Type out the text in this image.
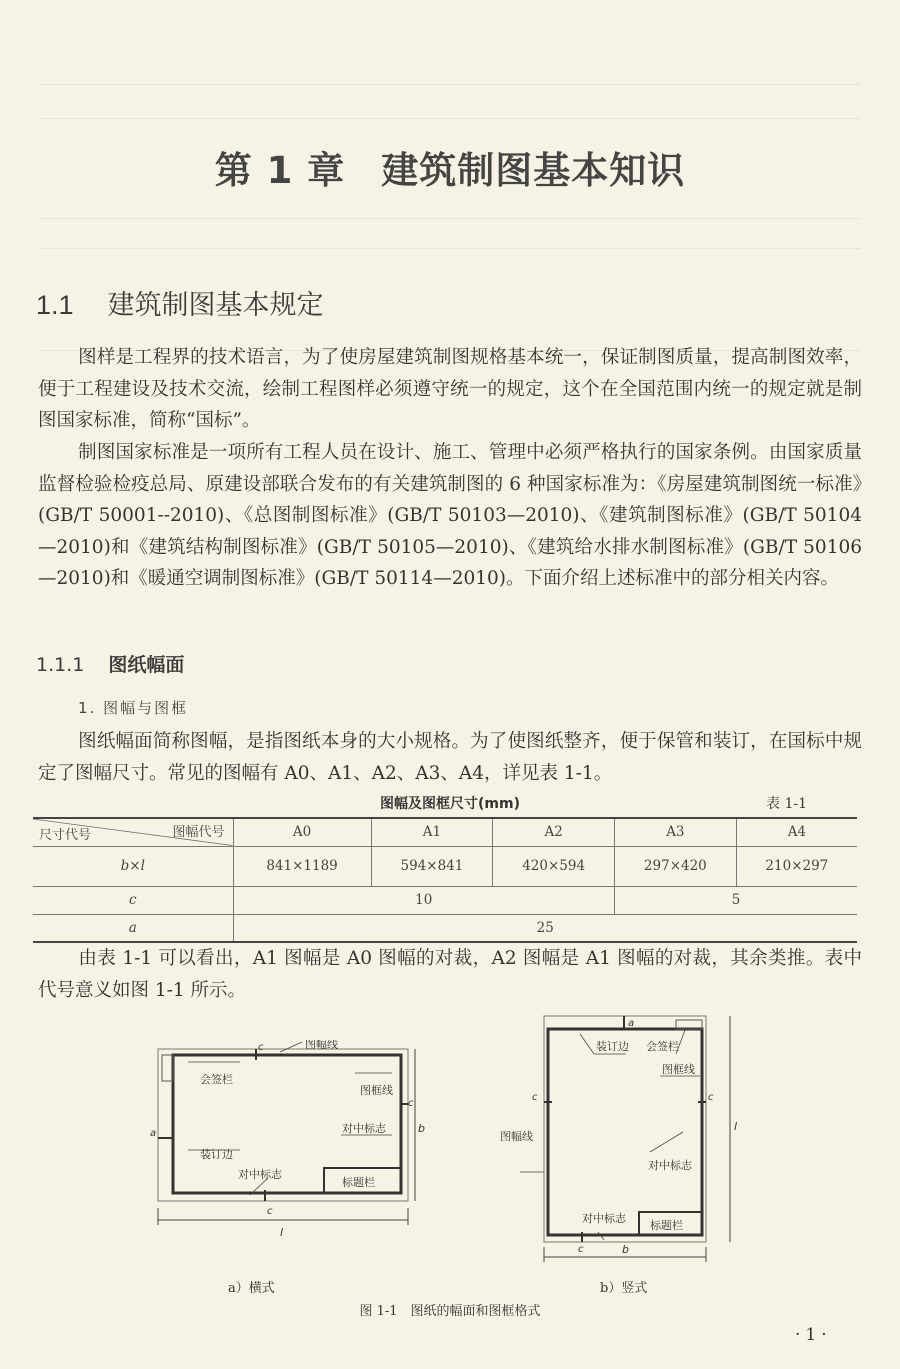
第 1 章 建筑制图基本知识
1.1 建筑制图基本规定
图样是工程界的技术语言，为了使房屋建筑制图规格基本统一，保证制图质量，提高制图效率，便于工程建设及技术交流，绘制工程图样必须遵守统一的规定，这个在全国范围内统一的规定就是制图国家标准，简称“国标”。
制图国家标准是一项所有工程人员在设计、施工、管理中必须严格执行的国家条例。由国家质量监督检验检疫总局、原建设部联合发布的有关建筑制图的 6 种国家标准为：《房屋建筑制图统一标准》(GB/T 50001--2010)、《总图制图标准》(GB/T 50103—2010)、《建筑制图标准》(GB/T 50104—2010)和《建筑结构制图标准》(GB/T 50105—2010)、《建筑给水排水制图标准》(GB/T 50106—2010)和《暖通空调制图标准》(GB/T 50114—2010)。下面介绍上述标准中的部分相关内容。
1.1.1 图纸幅面
1. 图幅与图框
图纸幅面简称图幅，是指图纸本身的大小规格。为了使图纸整齐，便于保管和装订，在国标中规定了图幅尺寸。常见的图幅有 A0、A1、A2、A3、A4，详见表 1-1。
图幅及图框尺寸(mm)	表 1-1
图幅代号
尺寸代号	A0	A1	A2	A3	A4
b×l	841×1189	594×841	420×594	297×420	210×297
c	10			5	
a	25				
由表 1-1 可以看出，A1 图幅是 A0 图幅的对裁，A2 图幅是 A1 图幅的对裁，其余类推。表中代号意义如图 1-1 所示。
图幅线
会签栏
图框线
装订边
对中标志
对中标志
标题栏
c
c
c
a	b
l
a）横式
装订边 会签栏
图框线
图幅线
对中标志
对中标志
标题栏
c	c
c
a
l
b
b）竖式
图 1-1　图纸的幅面和图框格式
·1·
